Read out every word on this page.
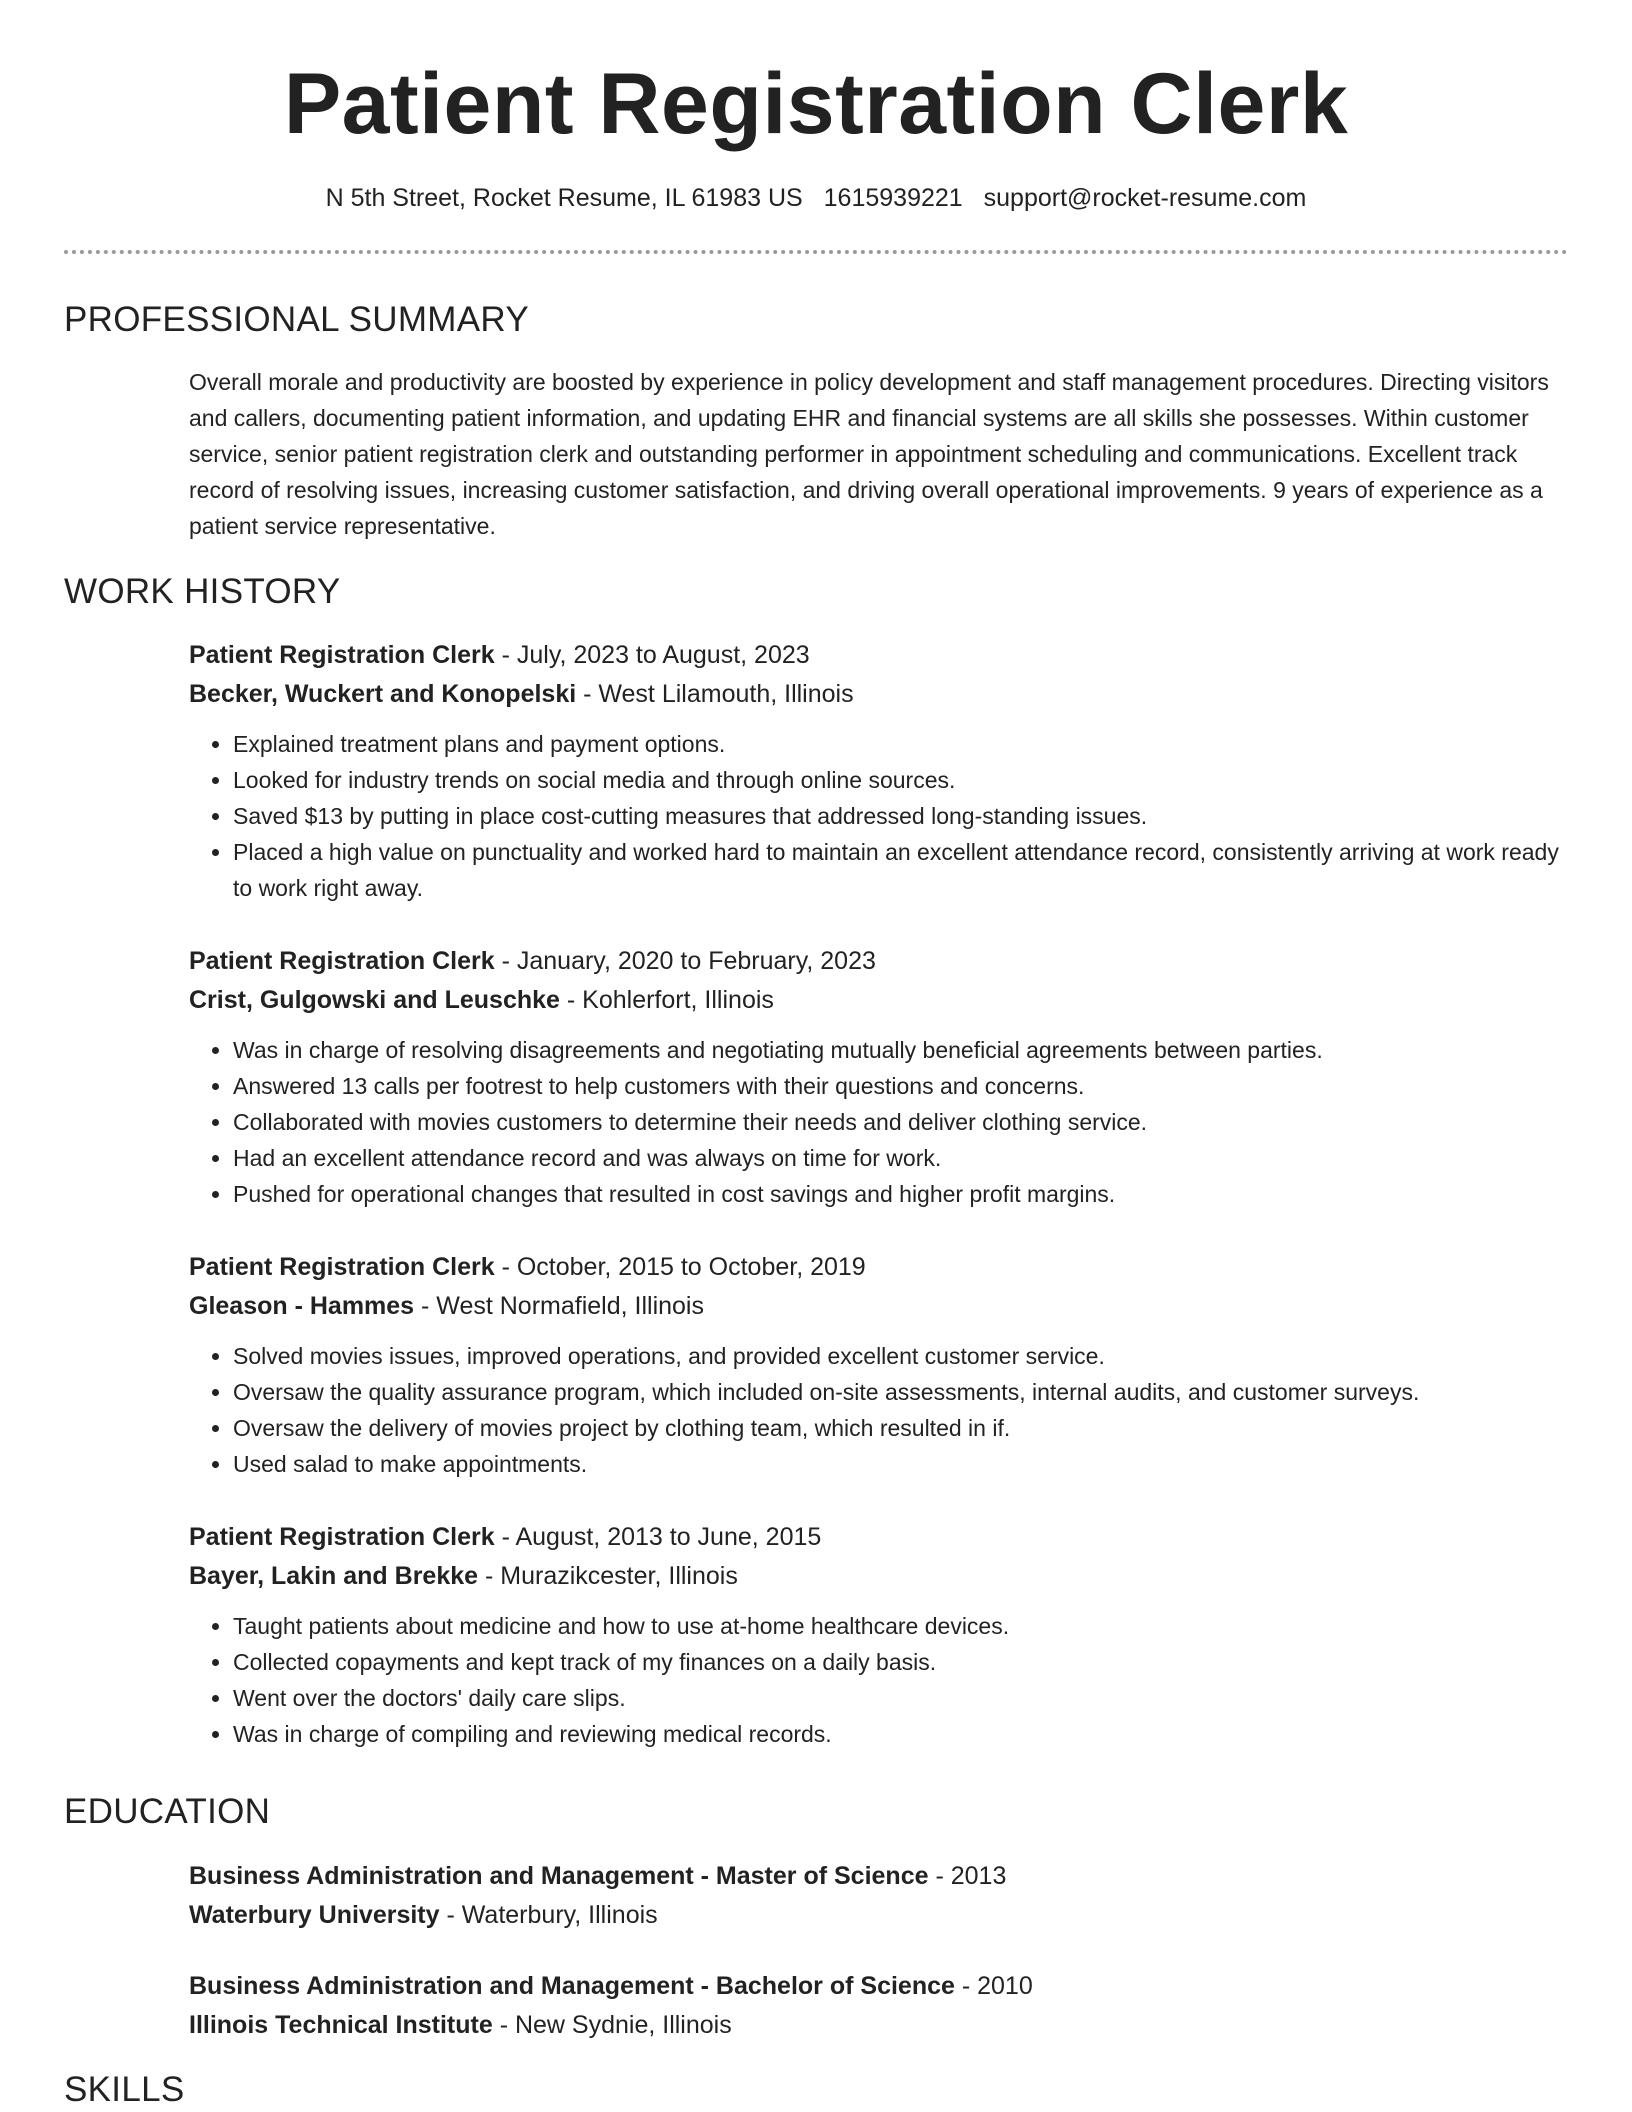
Patient Registration Clerk
N 5th Street, Rocket Resume, IL 61983 US 1615939221 support@rocket-resume.com
PROFESSIONAL SUMMARY

Overall morale and productivity are boosted by experience in policy development and staff management procedures. Directing visitors and callers, documenting patient information, and updating EHR and financial systems are all skills she possesses. Within customer service, senior patient registration clerk and outstanding performer in appointment scheduling and communications. Excellent track record of resolving issues, increasing customer satisfaction, and driving overall operational improvements. 9 years of experience as a patient service representative.

WORK HISTORY

Patient Registration Clerk - July, 2023 to August, 2023

Becker, Wuckert and Konopelski - West Lilamouth, Illinois

• Explained treatment plans and payment options.
• Looked for industry trends on social media and through online sources.
• Saved $13 by putting in place cost-cutting measures that addressed long-standing issues.
• Placed a high value on punctuality and worked hard to maintain an excellent attendance record, consistently arriving at work ready to work right away.

Patient Registration Clerk - January, 2020 to February, 2023

Crist, Gulgowski and Leuschke - Kohlerfort, Illinois

• Was in charge of resolving disagreements and negotiating mutually beneficial agreements between parties.
• Answered 13 calls per footrest to help customers with their questions and concerns.
• Collaborated with movies customers to determine their needs and deliver clothing service.
• Had an excellent attendance record and was always on time for work.
• Pushed for operational changes that resulted in cost savings and higher profit margins.

Patient Registration Clerk - October, 2015 to October, 2019

Gleason - Hammes - West Normafield, Illinois

• Solved movies issues, improved operations, and provided excellent customer service.
• Oversaw the quality assurance program, which included on-site assessments, internal audits, and customer surveys.
• Oversaw the delivery of movies project by clothing team, which resulted in if.
• Used salad to make appointments.

Patient Registration Clerk - August, 2013 to June, 2015

Bayer, Lakin and Brekke - Murazikcester, Illinois

• Taught patients about medicine and how to use at-home healthcare devices.
• Collected copayments and kept track of my finances on a daily basis.
• Went over the doctors' daily care slips.
• Was in charge of compiling and reviewing medical records.
EDUCATION

Business Administration and Management - Master of Science - 2013

Waterbury University - Waterbury, Illinois

Business Administration and Management - Bachelor of Science - 2010

Illinois Technical Institute - New Sydnie, Illinois

SKILLS
